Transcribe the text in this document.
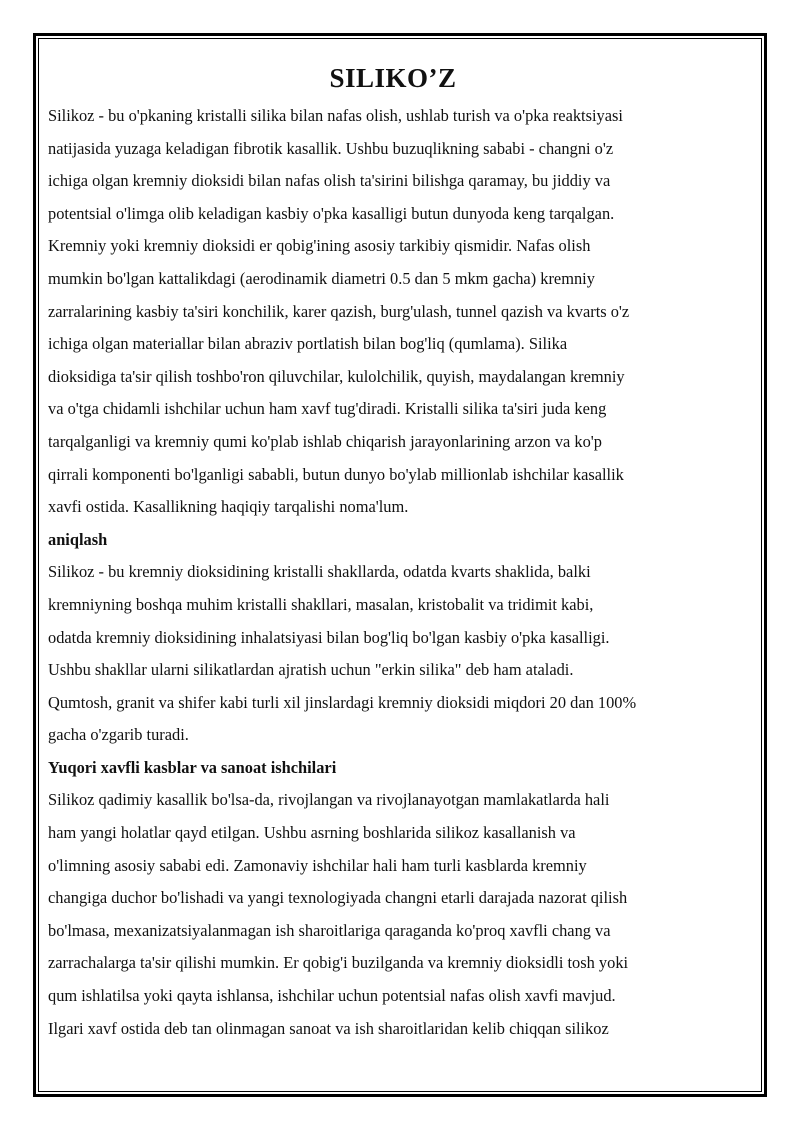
SILIKO’Z
Silikoz - bu o'pkaning kristalli silika bilan nafas olish, ushlab turish va o'pka reaktsiyasi
natijasida yuzaga keladigan fibrotik kasallik. Ushbu buzuqlikning sababi - changni o'z
ichiga olgan kremniy dioksidi bilan nafas olish ta'sirini bilishga qaramay, bu jiddiy va
potentsial o'limga olib keladigan kasbiy o'pka kasalligi butun dunyoda keng tarqalgan.
Kremniy yoki kremniy dioksidi er qobig'ining asosiy tarkibiy qismidir. Nafas olish
mumkin bo'lgan kattalikdagi (aerodinamik diametri 0.5 dan 5 mkm gacha) kremniy
zarralarining kasbiy ta'siri konchilik, karer qazish, burg'ulash, tunnel qazish va kvarts o'z
ichiga olgan materiallar bilan abraziv portlatish bilan bog'liq (qumlama). Silika
dioksidiga ta'sir qilish toshbo'ron qiluvchilar, kulolchilik, quyish, maydalangan kremniy
va o'tga chidamli ishchilar uchun ham xavf tug'diradi. Kristalli silika ta'siri juda keng
tarqalganligi va kremniy qumi ko'plab ishlab chiqarish jarayonlarining arzon va ko'p
qirrali komponenti bo'lganligi sababli, butun dunyo bo'ylab millionlab ishchilar kasallik
xavfi ostida. Kasallikning haqiqiy tarqalishi noma'lum.
aniqlash
Silikoz - bu kremniy dioksidining kristalli shakllarda, odatda kvarts shaklida, balki
kremniyning boshqa muhim kristalli shakllari, masalan, kristobalit va tridimit kabi,
odatda kremniy dioksidining inhalatsiyasi bilan bog'liq bo'lgan kasbiy o'pka kasalligi.
Ushbu shakllar ularni silikatlardan ajratish uchun "erkin silika" deb ham ataladi.
Qumtosh, granit va shifer kabi turli xil jinslardagi kremniy dioksidi miqdori 20 dan 100%
gacha o'zgarib turadi.
Yuqori xavfli kasblar va sanoat ishchilari
Silikoz qadimiy kasallik bo'lsa-da, rivojlangan va rivojlanayotgan mamlakatlarda hali
ham yangi holatlar qayd etilgan. Ushbu asrning boshlarida silikoz kasallanish va
o'limning asosiy sababi edi. Zamonaviy ishchilar hali ham turli kasblarda kremniy
changiga duchor bo'lishadi va yangi texnologiyada changni etarli darajada nazorat qilish
bo'lmasa, mexanizatsiyalanmagan ish sharoitlariga qaraganda ko'proq xavfli chang va
zarrachalarga ta'sir qilishi mumkin. Er qobig'i buzilganda va kremniy dioksidli tosh yoki
qum ishlatilsa yoki qayta ishlansa, ishchilar uchun potentsial nafas olish xavfi mavjud.
Ilgari xavf ostida deb tan olinmagan sanoat va ish sharoitlaridan kelib chiqqan silikoz
